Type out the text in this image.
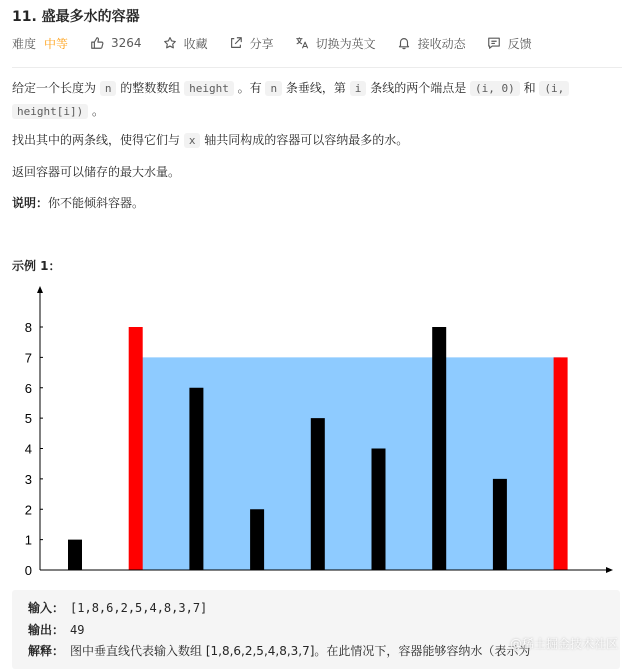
11. 盛最多水的容器
难度 中等	3264	收藏	分享	切换为英文	接收动态	反馈
给定一个长度为 n 的整数数组 height 。有 n 条垂线，第 i 条线的两个端点是 (i, 0) 和 (i,
height[i]) 。
找出其中的两条线，使得它们与 x 轴共同构成的容器可以容纳最多的水。
返回容器可以储存的最大水量。
说明：你不能倾斜容器。
示例 1：
0
1
2
3
4
5
6
7
8
输入： [1,8,6,2,5,4,8,3,7]
输出： 49
解释： 图中垂直线代表输入数组 [1,8,6,2,5,4,8,3,7]。在此情况下，容器能够容纳水（表示为
@稀土掘金技术社区
